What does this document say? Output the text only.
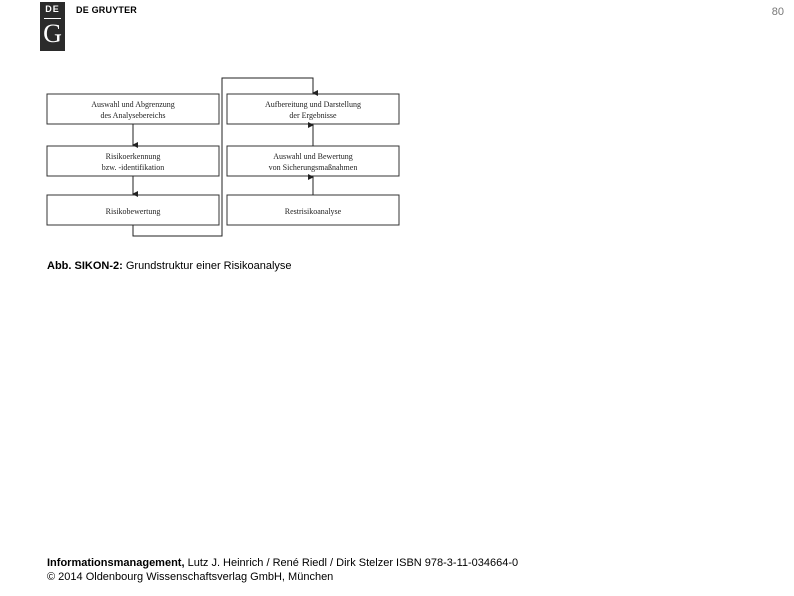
DE
G
DE GRUYTER	80
Auswahl und Abgrenzung
des Analysebereichs
Risikoerkennung
bzw. -identifikation
Risikobewertung
Aufbereitung und Darstellung
der Ergebnisse
Auswahl und Bewertung
von Sicherungsmaßnahmen
Restrisikoanalyse
Abb. SIKON-2: Grundstruktur einer Risikoanalyse
Informationsmanagement, Lutz J. Heinrich / René Riedl / Dirk Stelzer ISBN 978-3-11-034664-0
© 2014 Oldenbourg Wissenschaftsverlag GmbH, München
